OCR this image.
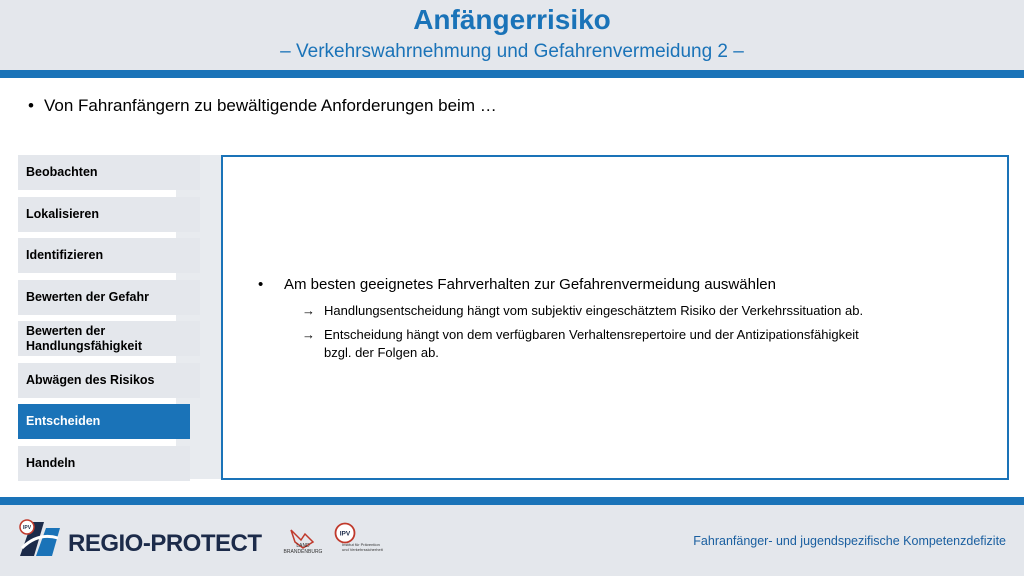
Anfängerrisiko
– Verkehrswahrnehmung und Gefahrenvermeidung 2 –
• Von Fahranfängern zu bewältigende Anforderungen beim …
Beobachten
Lokalisieren
Identifizieren
Bewerten der Gefahr
Bewerten der Handlungsfähigkeit
Abwägen des Risikos
Entscheiden
Handeln
• Am besten geeignetes Fahrverhalten zur Gefahrenvermeidung auswählen
→ Handlungsentscheidung hängt vom subjektiv eingeschätztem Risiko der Verkehrssituation ab.
→ Entscheidung hängt von dem verfügbaren Verhaltensrepertoire und der Antizipationsfähigkeit
bzgl. der Folgen ab.
IPV
REGIO-PROTECT	LAND
BRANDENBURG
IPV
Institut für Prävention und Verkehrssicherheit
Fahranfänger- und jugendspezifische Kompetenzdefizite
